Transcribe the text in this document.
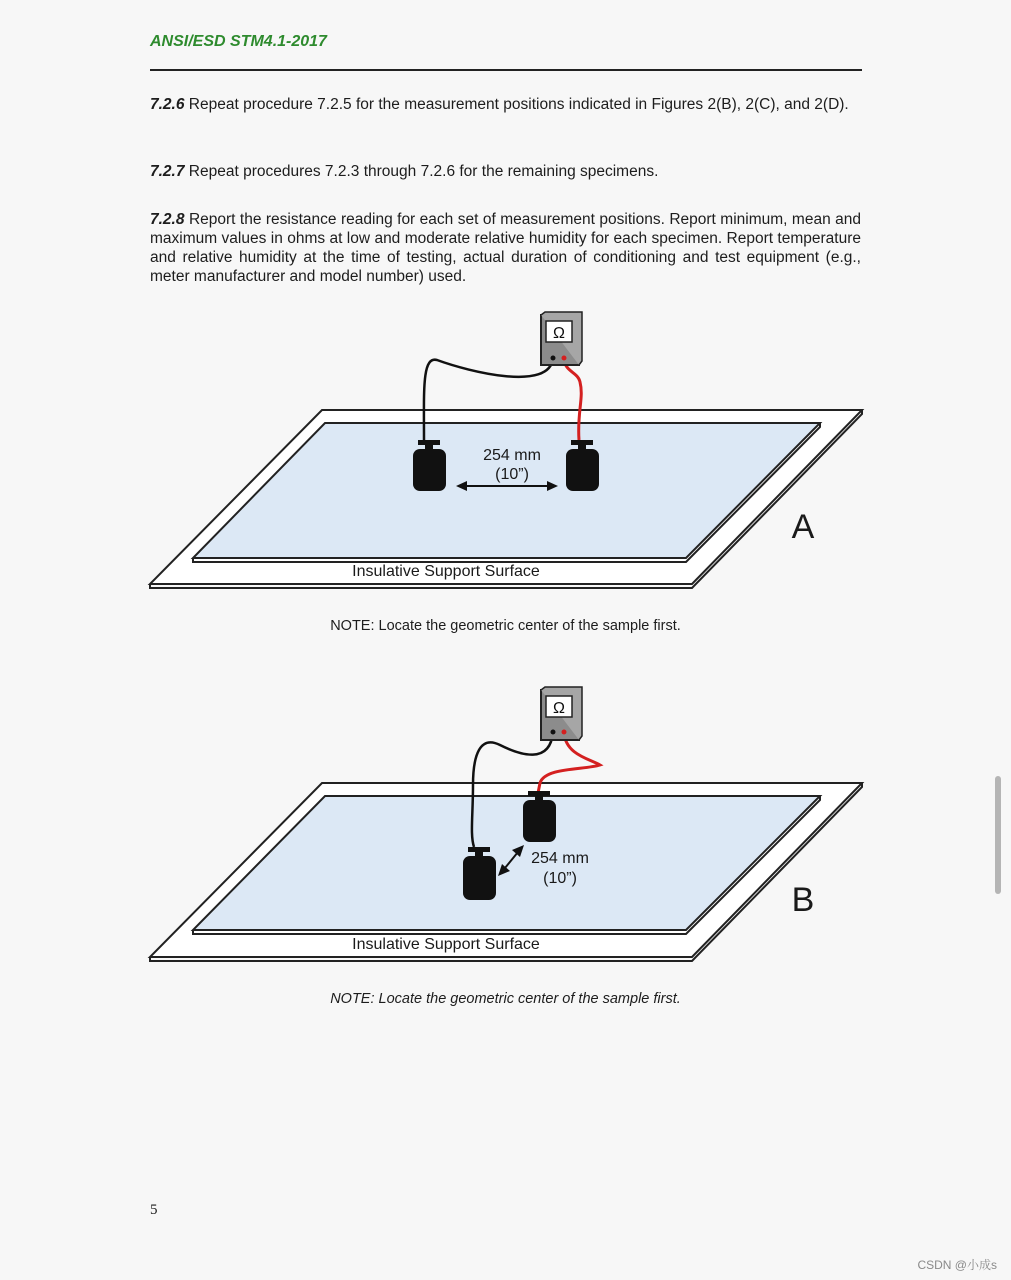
ANSI/ESD STM4.1-2017
7.2.6 Repeat procedure 7.2.5 for the measurement positions indicated in Figures 2(B), 2(C), and 2(D).
7.2.7 Repeat procedures 7.2.3 through 7.2.6 for the remaining specimens.
7.2.8 Report the resistance reading for each set of measurement positions. Report minimum, mean and maximum values in ohms at low and moderate relative humidity for each specimen. Report temperature and relative humidity at the time of testing, actual duration of conditioning and test equipment (e.g., meter manufacturer and model number) used.
Ω
254 mm
(10”)
Insulative Support Surface
A
NOTE: Locate the geometric center of the sample first.
Ω
254 mm
(10”)
Insulative Support Surface
B
NOTE: Locate the geometric center of the sample first.
5
CSDN @小成s
